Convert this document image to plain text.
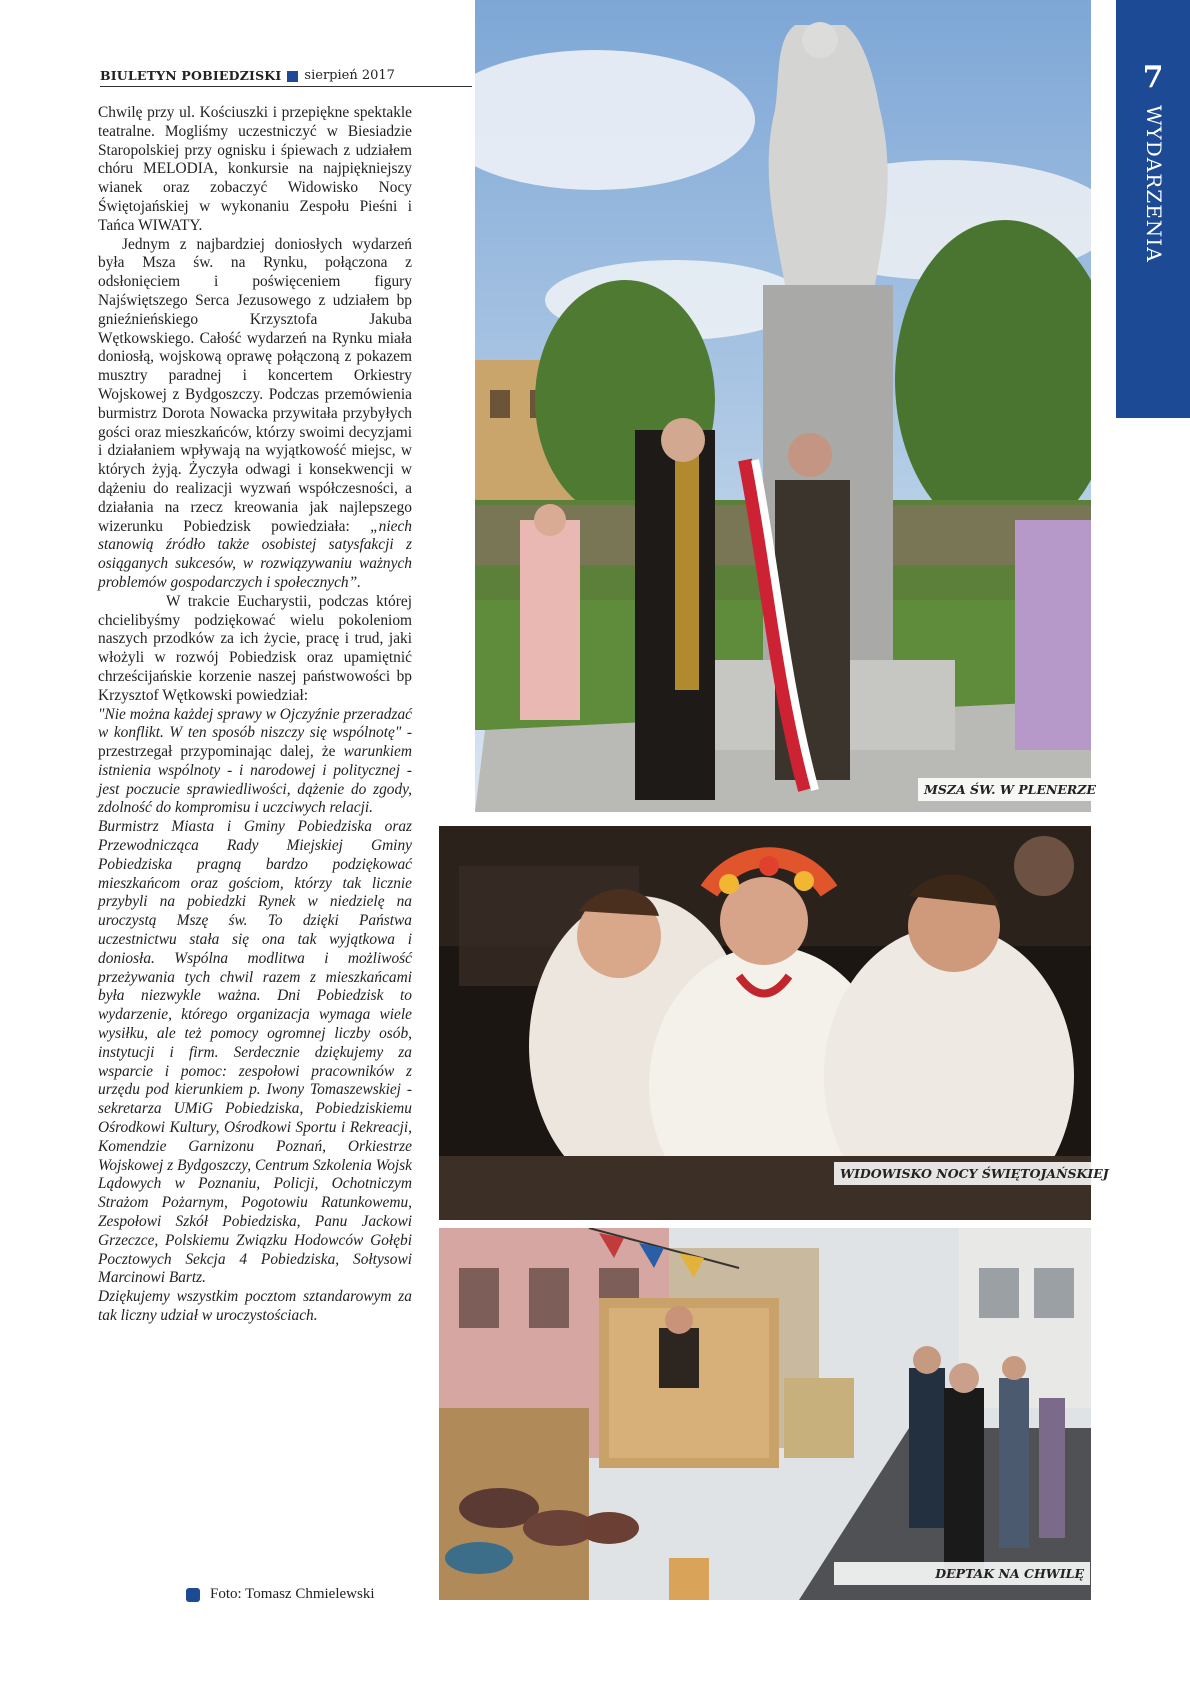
BIULETYN POBIEDZISKI sierpień 2017	7
WYDARZENIA

Chwilę przy ul. Kościuszki i przepiękne spektakle teatralne. Mogliśmy uczestniczyć w Biesiadzie Staropolskiej przy ognisku i śpiewach z udziałem chóru MELODIA, konkursie na najpiękniejszy wianek oraz zobaczyć Widowisko Nocy Świętojańskiej w wykonaniu Zespołu Pieśni i Tańca WIWATY.

Jednym z najbardziej doniosłych wydarzeń była Msza św. na Rynku, połączona z odsłonięciem i poświęceniem figury Najświętszego Serca Jezusowego z udziałem bp gnieźnieńskiego Krzysztofa Jakuba Wętkowskiego. Całość wydarzeń na Rynku miała doniosłą, wojskową oprawę połączoną z pokazem musztry paradnej i koncertem Orkiestry Wojskowej z Bydgoszczy. Podczas przemówienia burmistrz Dorota Nowacka przywitała przybyłych gości oraz mieszkańców, którzy swoimi decyzjami i działaniem wpływają na wyjątkowość miejsc, w których żyją. Życzyła odwagi i konsekwencji w dążeniu do realizacji wyzwań współczesności, a działania na rzecz kreowania jak najlepszego wizerunku Pobiedzisk powiedziała: „niech stanowią źródło także osobistej satysfakcji z osiąganych sukcesów, w rozwiązywaniu ważnych problemów gospodarczych i społecznych”.

W trakcie Eucharystii, podczas której chcielibyśmy podziękować wielu pokoleniom naszych przodków za ich życie, pracę i trud, jaki włożyli w rozwój Pobiedzisk oraz upamiętnić chrześcijańskie korzenie naszej państwowości bp Krzysztof Wętkowski powiedział:

"Nie można każdej sprawy w Ojczyźnie przeradzać w konflikt. W ten sposób niszczy się wspólnotę" - przestrzegał przypominając dalej, że warunkiem istnienia wspólnoty - i narodowej i politycznej - jest poczucie sprawiedliwości, dążenie do zgody, zdolność do kompromisu i uczciwych relacji.

Burmistrz Miasta i Gminy Pobiedziska oraz Przewodnicząca Rady Miejskiej Gminy Pobiedziska pragną bardzo podziękować mieszkańcom oraz gościom, którzy tak licznie przybyli na pobiedzki Rynek w niedzielę na uroczystą Mszę św. To dzięki Państwa uczestnictwu stała się ona tak wyjątkowa i doniosła. Wspólna modlitwa i możliwość przeżywania tych chwil razem z mieszkańcami była niezwykle ważna. Dni Pobiedzisk to wydarzenie, którego organizacja wymaga wiele wysiłku, ale też pomocy ogromnej liczby osób, instytucji i firm. Serdecznie dziękujemy za wsparcie i pomoc: zespołowi pracowników z urzędu pod kierunkiem p. Iwony Tomaszewskiej - sekretarza UMiG Pobiedziska, Pobiedziskiemu Ośrodkowi Kultury, Ośrodkowi Sportu i Rekreacji, Komendzie Garnizonu Poznań, Orkiestrze Wojskowej z Bydgoszczy, Centrum Szkolenia Wojsk Lądowych w Poznaniu, Policji, Ochotniczym Strażom Pożarnym, Pogotowiu Ratunkowemu, Zespołowi Szkół Pobiedziska, Panu Jackowi Grzeczce, Polskiemu Związku Hodowców Gołębi Pocztowych Sekcja 4 Pobiedziska, Sołtysowi Marcinowi Bartz.

Dziękujemy wszystkim pocztom sztandarowym za tak liczny udział w uroczystościach.

Foto: Tomasz Chmielewski
MSZA ŚW. W PLENERZE
WIDOWISKO NOCY ŚWIĘTOJAŃSKIEJ
DEPTAK NA CHWILĘ
